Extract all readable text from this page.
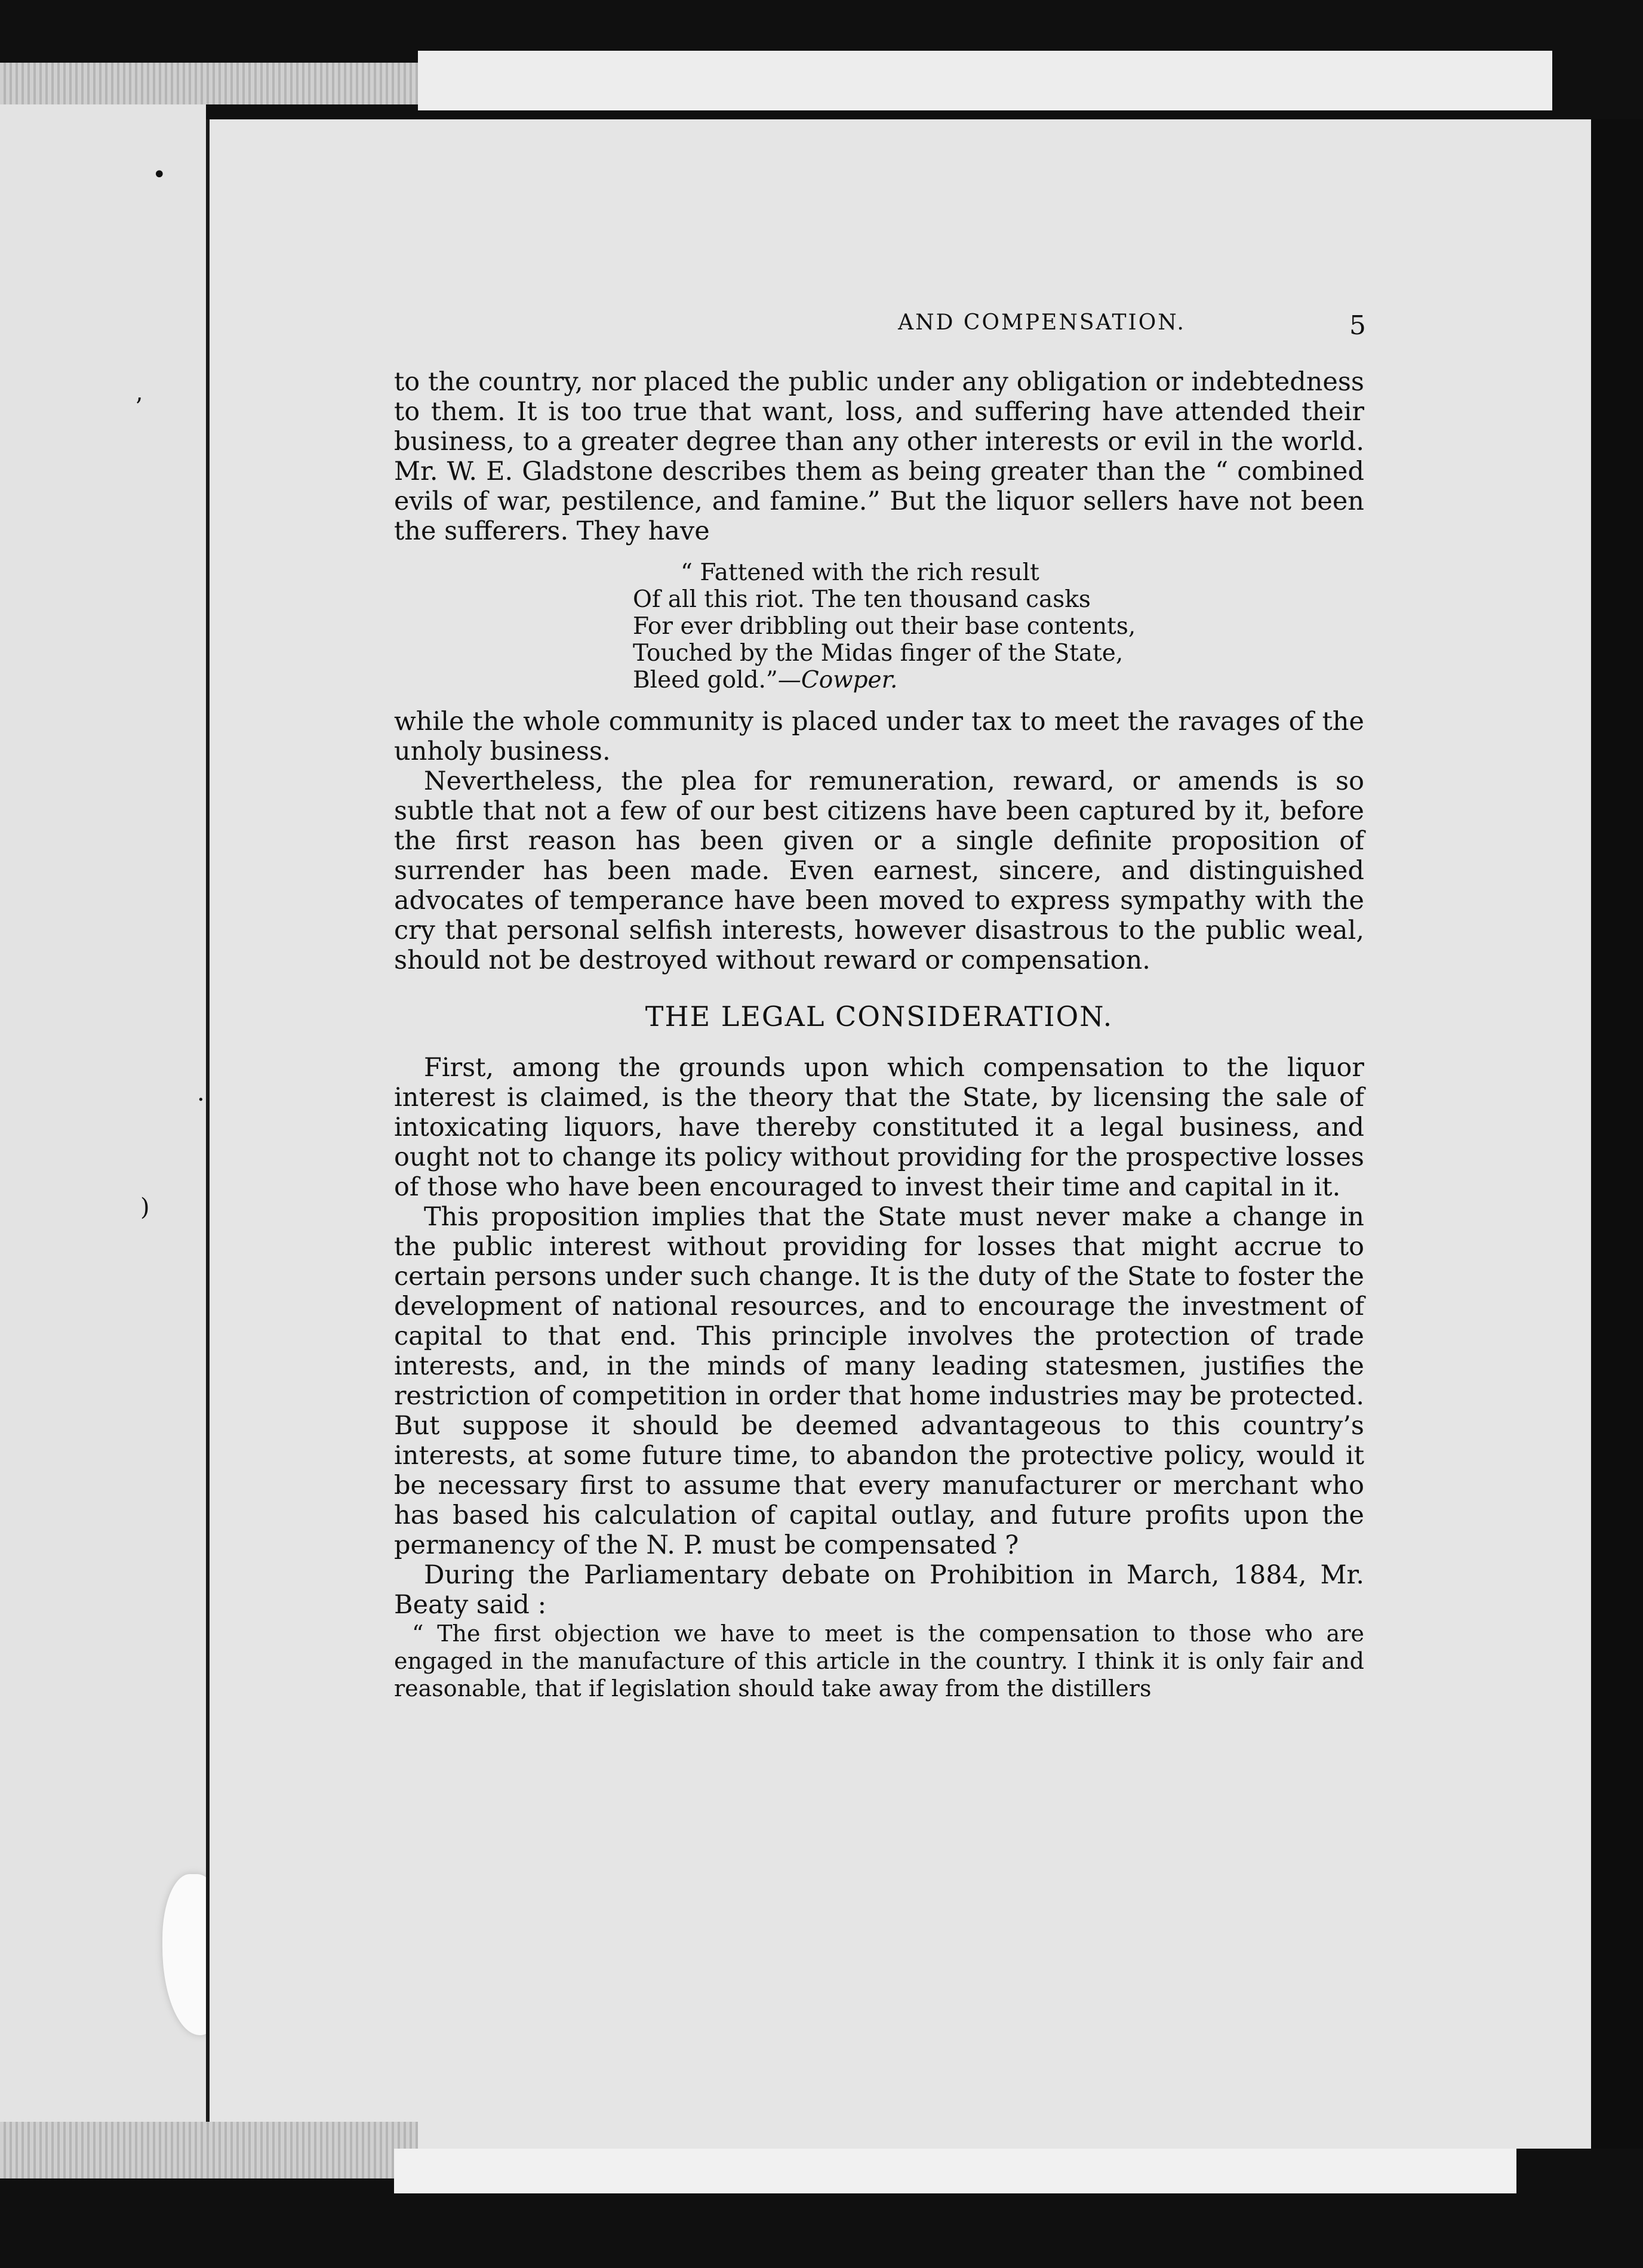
•
ʼ
·
)
AND COMPENSATION.	5

to the country, nor placed the public under any obligation or indebtedness to them. It is too true that want, loss, and suffering have attended their business, to a greater degree than any other interests or evil in the world. Mr. W. E. Gladstone describes them as being greater than the “ combined evils of war, pestilence, and famine.” But the liquor sellers have not been the sufferers. They have

“ Fattened with the rich result
Of all this riot. The ten thousand casks
For ever dribbling out their base contents,
Touched by the Midas finger of the State,
Bleed gold.”—Cowper.

while the whole community is placed under tax to meet the ravages of the unholy business.

Nevertheless, the plea for remuneration, reward, or amends is so subtle that not a few of our best citizens have been captured by it, before the first reason has been given or a single definite proposition of surrender has been made. Even earnest, sincere, and distinguished advocates of temperance have been moved to express sympathy with the cry that personal selfish interests, however disastrous to the public weal, should not be destroyed without reward or compensation.

THE LEGAL CONSIDERATION.

First, among the grounds upon which compensation to the liquor interest is claimed, is the theory that the State, by licensing the sale of intoxicating liquors, have thereby constituted it a legal business, and ought not to change its policy without providing for the prospective losses of those who have been encouraged to invest their time and capital in it.

This proposition implies that the State must never make a change in the public interest without providing for losses that might accrue to certain persons under such change. It is the duty of the State to foster the development of national resources, and to encourage the investment of capital to that end. This principle involves the protection of trade interests, and, in the minds of many leading statesmen, justifies the restriction of competition in order that home industries may be protected. But suppose it should be deemed advantageous to this country’s interests, at some future time, to abandon the protective policy, would it be necessary first to assume that every manufacturer or merchant who has based his calculation of capital outlay, and future profits upon the permanency of the N. P. must be compensated ?

During the Parliamentary debate on Prohibition in March, 1884, Mr. Beaty said :

“ The first objection we have to meet is the compensation to those who are engaged in the manufacture of this article in the country. I think it is only fair and reasonable, that if legislation should take away from the distillers
